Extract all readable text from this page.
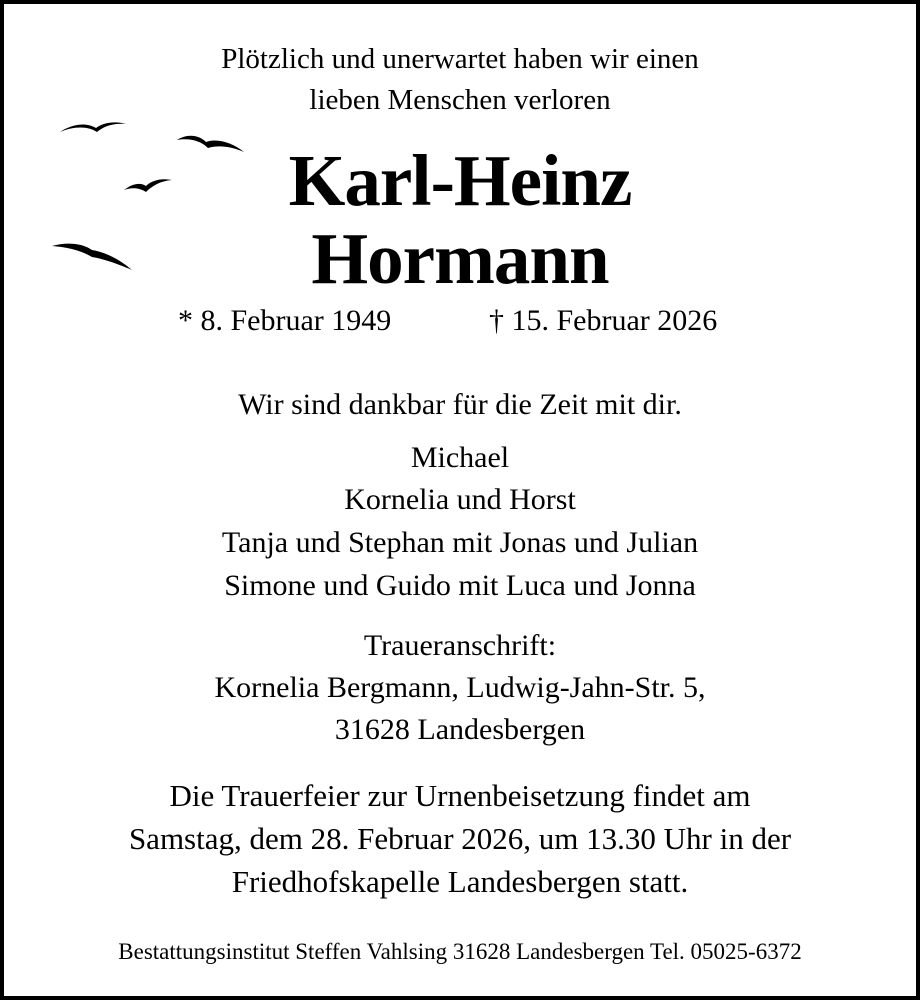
Plötzlich und unerwartet haben wir einen
lieben Menschen verloren
Karl-Heinz
Hormann
* 8. Februar 1949	† 15. Februar 2026
Wir sind dankbar für die Zeit mit dir.
Michael
Kornelia und Horst
Tanja und Stephan mit Jonas und Julian
Simone und Guido mit Luca und Jonna
Traueranschrift:
Kornelia Bergmann, Ludwig-Jahn-Str. 5,
31628 Landesbergen
Die Trauerfeier zur Urnenbeisetzung findet am
Samstag, dem 28. Februar 2026, um 13.30 Uhr in der
Friedhofskapelle Landesbergen statt.
Bestattungsinstitut Steffen Vahlsing 31628 Landesbergen Tel. 05025-6372
